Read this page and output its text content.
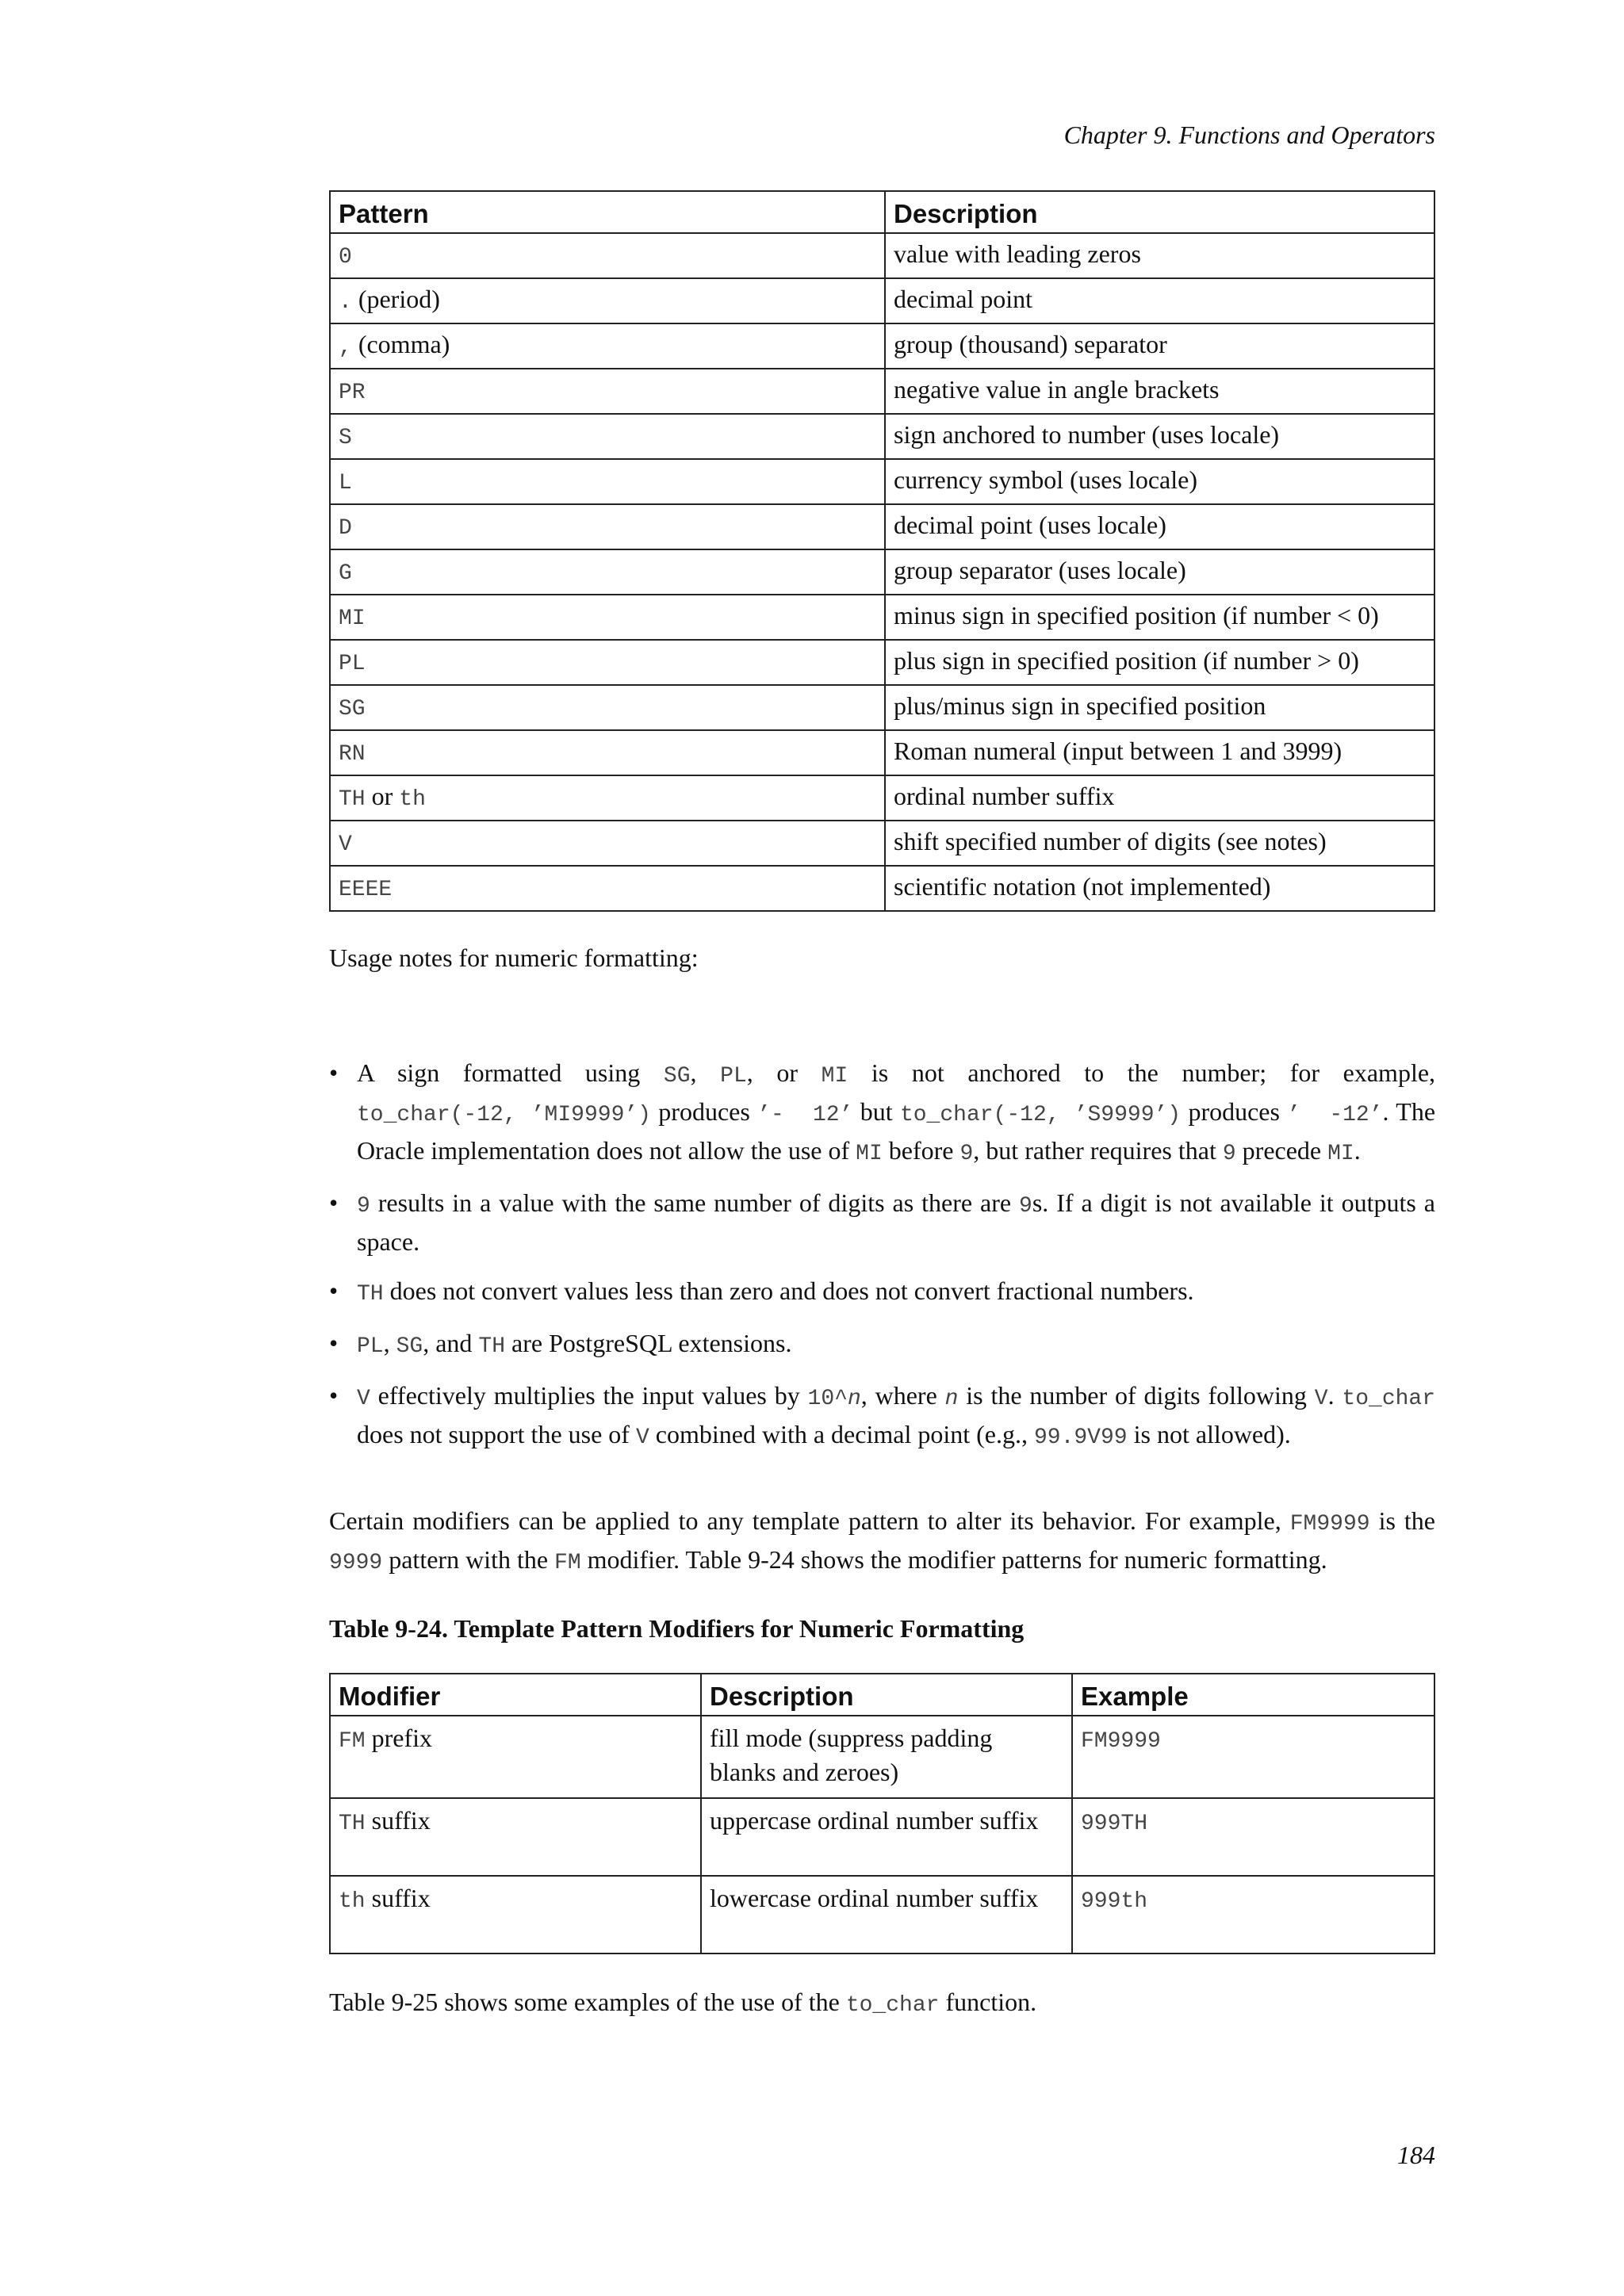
Chapter 9. Functions and Operators
Pattern	Description
0	value with leading zeros
. (period)	decimal point
, (comma)	group (thousand) separator
PR	negative value in angle brackets
S	sign anchored to number (uses locale)
L	currency symbol (uses locale)
D	decimal point (uses locale)
G	group separator (uses locale)
MI	minus sign in specified position (if number < 0)
PL	plus sign in specified position (if number > 0)
SG	plus/minus sign in specified position
RN	Roman numeral (input between 1 and 3999)
TH or th	ordinal number suffix
V	shift specified number of digits (see notes)
EEEE	scientific notation (not implemented)
Usage notes for numeric formatting:
• A sign formatted using SG, PL, or MI is not anchored to the number; for example, to_char(-12, ’MI9999’) produces ’-  12’ but to_char(-12, ’S9999’) produces ’  -12’. The Oracle implementation does not allow the use of MI before 9, but rather requires that 9 precede MI.
• 9 results in a value with the same number of digits as there are 9s. If a digit is not available it outputs a space.
• TH does not convert values less than zero and does not convert fractional numbers.
• PL, SG, and TH are PostgreSQL extensions.
• V effectively multiplies the input values by 10^n, where n is the number of digits following V. to_char does not support the use of V combined with a decimal point (e.g., 99.9V99 is not allowed).
Certain modifiers can be applied to any template pattern to alter its behavior. For example, FM9999 is the 9999 pattern with the FM modifier. Table 9-24 shows the modifier patterns for numeric formatting.
Table 9-24. Template Pattern Modifiers for Numeric Formatting
Modifier	Description	Example
FM prefix	fill mode (suppress padding blanks and zeroes)	FM9999
TH suffix	uppercase ordinal number suffix	999TH
th suffix	lowercase ordinal number suffix	999th
Table 9-25 shows some examples of the use of the to_char function.
184
